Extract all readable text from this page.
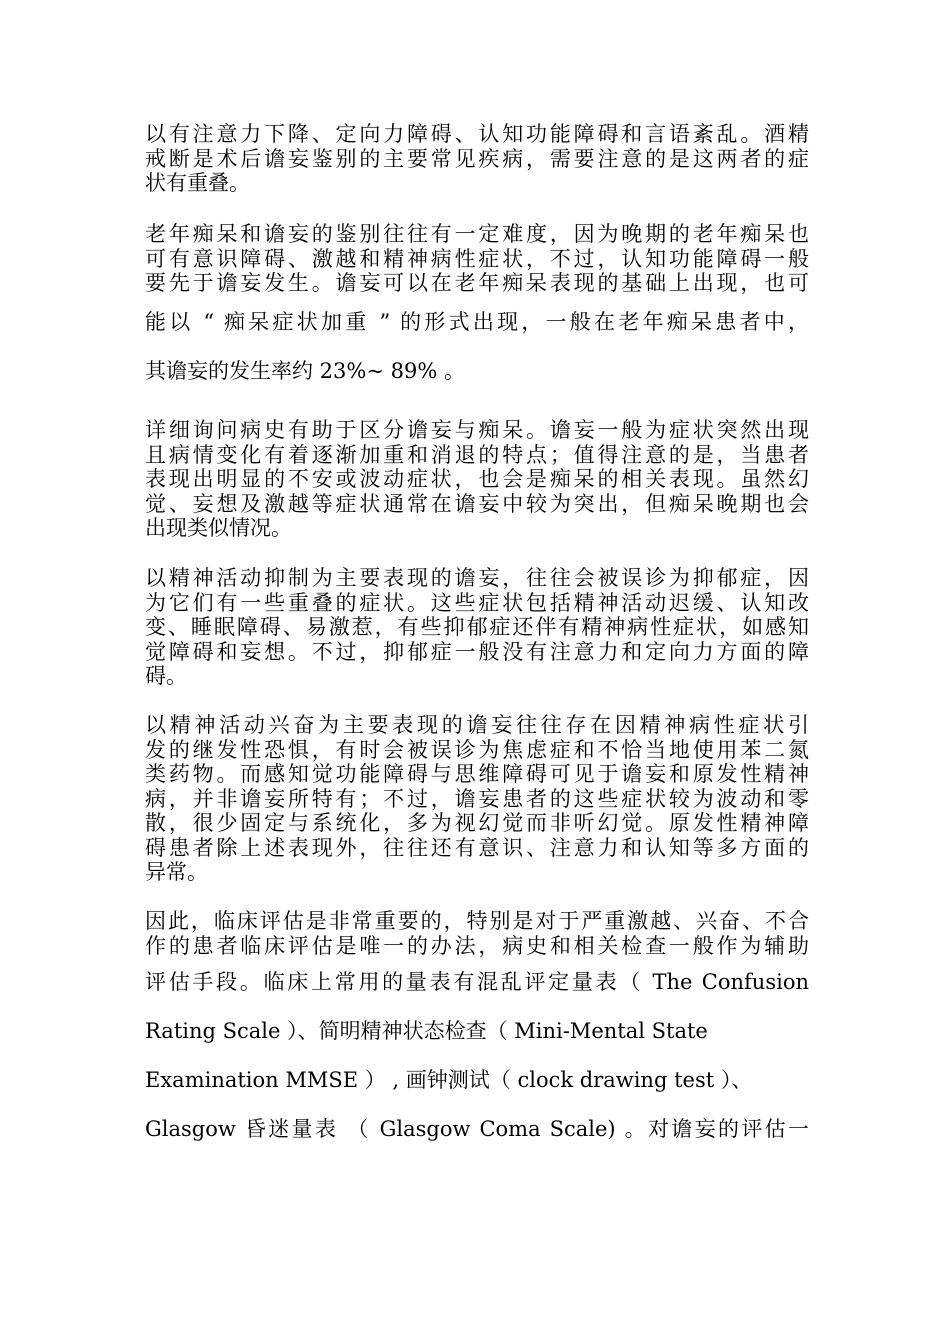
以有注意力下降、定向力障碍、认知功能障碍和言语紊乱。酒精
戒断是术后谵妄鉴别的主要常见疾病，需要注意的是这两者的症
状有重叠。
老年痴呆和谵妄的鉴别往往有一定难度，因为晚期的老年痴呆也
可有意识障碍、激越和精神病性症状，不过，认知功能障碍一般
要先于谵妄发生。谵妄可以在老年痴呆表现的基础上出现，也可
能以 “ 痴呆症状加重 ” 的形式出现，一般在老年痴呆患者中，
其谵妄的发生率约 23%~ 89% 。
详细询问病史有助于区分谵妄与痴呆。谵妄一般为症状突然出现
且病情变化有着逐渐加重和消退的特点；值得注意的是，当患者
表现出明显的不安或波动症状，也会是痴呆的相关表现。虽然幻
觉、妄想及激越等症状通常在谵妄中较为突出，但痴呆晚期也会
出现类似情况。
以精神活动抑制为主要表现的谵妄，往往会被误诊为抑郁症，因
为它们有一些重叠的症状。这些症状包括精神活动迟缓、认知改
变、睡眠障碍、易激惹，有些抑郁症还伴有精神病性症状，如感知
觉障碍和妄想。不过，抑郁症一般没有注意力和定向力方面的障
碍。
以精神活动兴奋为主要表现的谵妄往往存在因精神病性症状引
发的继发性恐惧，有时会被误诊为焦虑症和不恰当地使用苯二氮
类药物。而感知觉功能障碍与思维障碍可见于谵妄和原发性精神
病，并非谵妄所特有；不过，谵妄患者的这些症状较为波动和零
散，很少固定与系统化，多为视幻觉而非听幻觉。原发性精神障
碍患者除上述表现外，往往还有意识、注意力和认知等多方面的
异常。
因此，临床评估是非常重要的，特别是对于严重激越、兴奋、不合
作的患者临床评估是唯一的办法，病史和相关检查一般作为辅助
评估手段。临床上常用的量表有混乱评定量表（ The Confusion
Rating Scale ）、简明精神状态检查（ Mini-Mental State
Examination MMSE ） , 画钟测试（ clock drawing test ）、
Glasgow 昏迷量表 （ Glasgow Coma Scale) 。对谵妄的评估一
